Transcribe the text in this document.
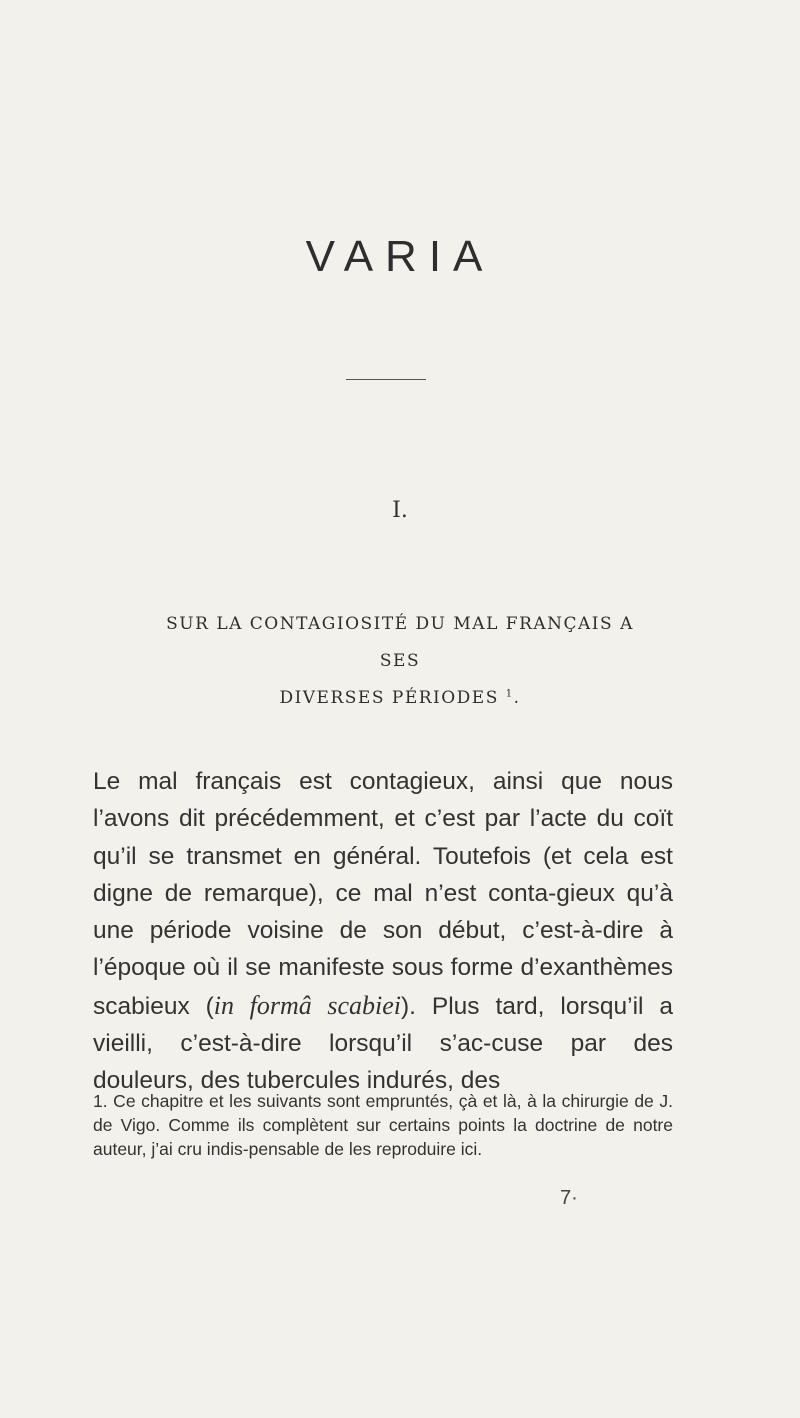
VARIA
I.
SUR LA CONTAGIOSITÉ DU MAL FRANÇAIS A SES
DIVERSES PÉRIODES $^1$.

Le mal français est contagieux, ainsi que nous l’avons dit précédemment, et c’est par l’acte du coït qu’il se transmet en général. Toutefois (et cela est digne de remarque), ce mal n’est conta-gieux qu’à une période voisine de son début, c’est-à-dire à l’époque où il se manifeste sous forme d’exanthèmes scabieux (in formâ scabiei). Plus tard, lorsqu’il a vieilli, c’est-à-dire lorsqu’il s’ac-cuse par des douleurs, des tubercules indurés, des

1. Ce chapitre et les suivants sont empruntés, çà et là, à la chirurgie de J. de Vigo. Comme ils complètent sur certains points la doctrine de notre auteur, j’ai cru indis-pensable de les reproduire ici.

7·
